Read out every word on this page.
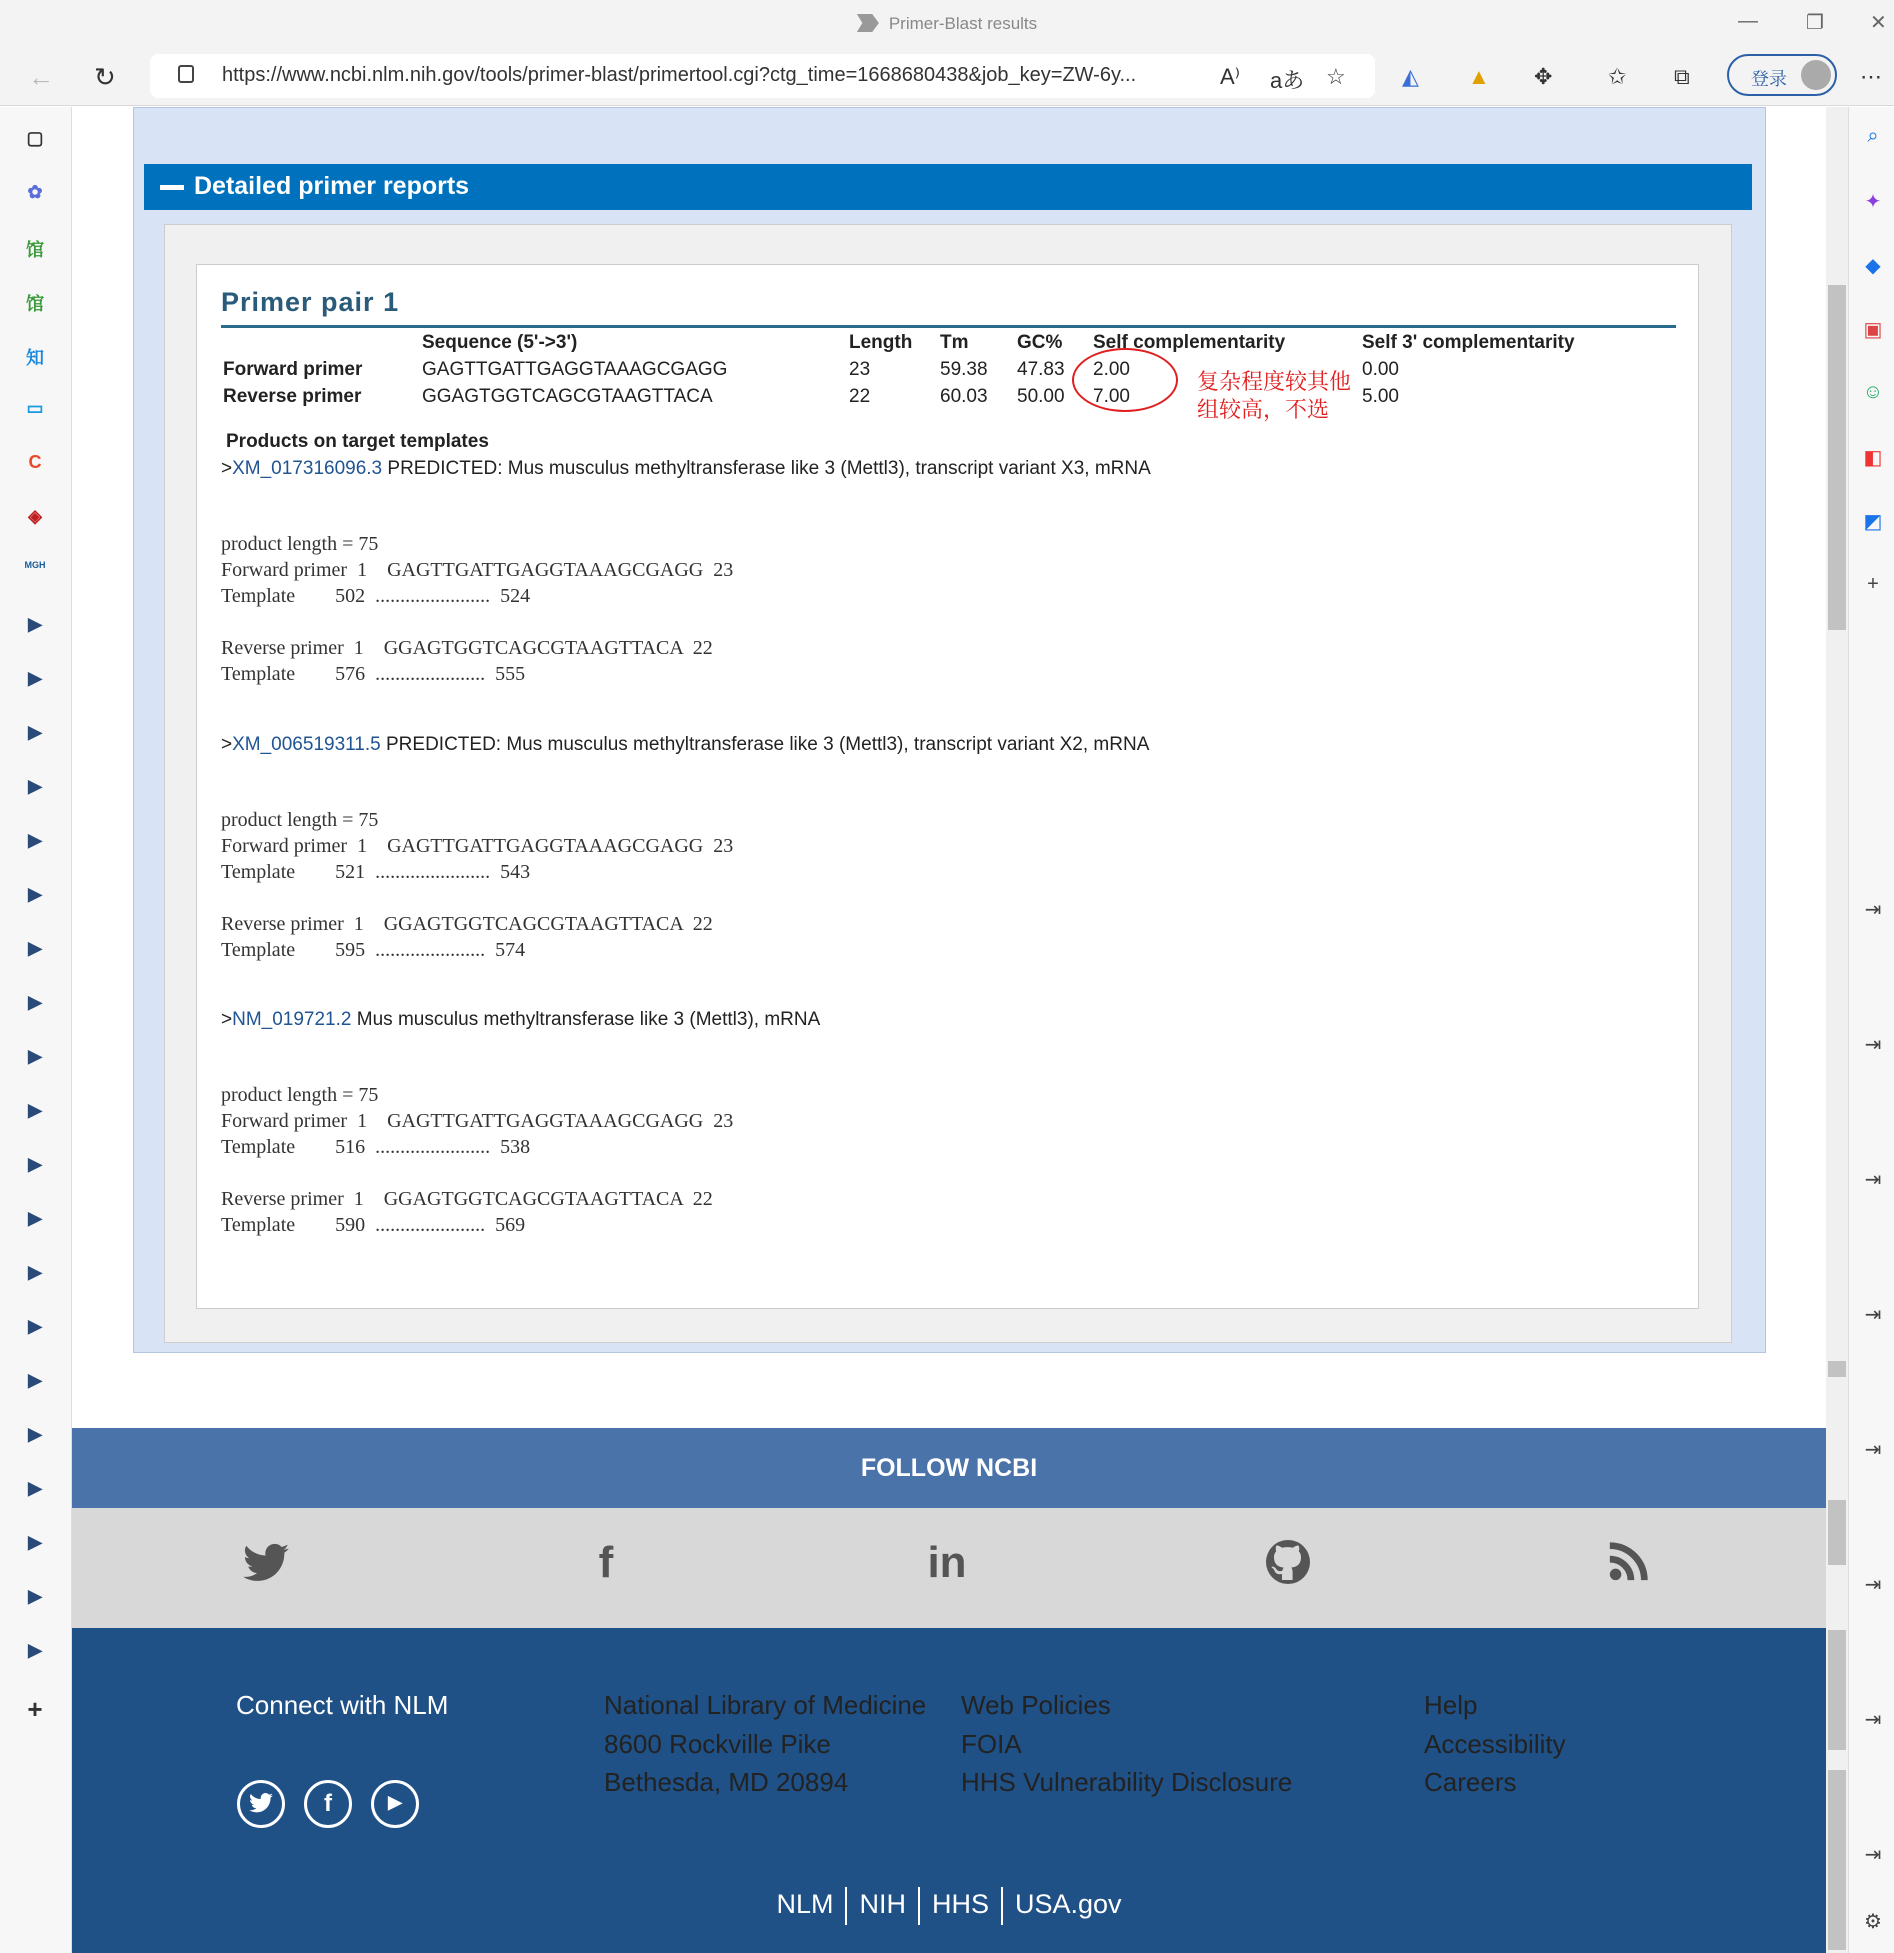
Primer-Blast results	— ❐ ✕
← ↻	https://www.ncbi.nlm.nih.gov/tools/primer-blast/primertool.cgi?ctg_time=1668680438&job_key=ZW-6y...	A⁾ aあ ☆	◭ ▲ ✥	✩ ⧉	登录	⋯
▢
✿
馆
馆
知
▭
C
◈
MGH
▶
▶
▶
▶
▶
▶
▶
▶
▶
▶
▶
▶
▶
▶
▶
▶
▶
▶
▶
▶
+
Detailed primer reports
Primer pair 1
Sequence (5'->3')	Length Tm	GC% Self complementarity	Self 3' complementarity
Forward primer	GAGTTGATTGAGGTAAAGCGAGG	23	59.38 47.83 2.00	0.00
Reverse primer	GGAGTGGTCAGCGTAAGTTACA	22	60.03 50.00 7.00	5.00
复杂程度较其他组较高，不选
Products on target templates
>XM_017316096.3 PREDICTED: Mus musculus methyltransferase like 3 (Mettl3), transcript variant X3, mRNA
product length = 75
Forward primer  1    GAGTTGATTGAGGTAAAGCGAGG  23
Template        502  .......................  524

Reverse primer  1    GGAGTGGTCAGCGTAAGTTACA  22
Template        576  ......................  555
>XM_006519311.5 PREDICTED: Mus musculus methyltransferase like 3 (Mettl3), transcript variant X2, mRNA
product length = 75
Forward primer  1    GAGTTGATTGAGGTAAAGCGAGG  23
Template        521  .......................  543

Reverse primer  1    GGAGTGGTCAGCGTAAGTTACA  22
Template        595  ......................  574
>NM_019721.2 Mus musculus methyltransferase like 3 (Mettl3), mRNA
product length = 75
Forward primer  1    GAGTTGATTGAGGTAAAGCGAGG  23
Template        516  .......................  538

Reverse primer  1    GGAGTGGTCAGCGTAAGTTACA  22
Template        590  ......................  569
FOLLOW NCBI
f	in
Connect with NLM
f	▶
National Library of Medicine
8600 Rockville Pike
Bethesda, MD 20894
Web Policies
FOIA
HHS Vulnerability Disclosure
Help
Accessibility
Careers
NLM NIH HHS USA.gov
⌕
✦
◆
▣
☺
◧
◩
+
⇥
⇥
⇥
⇥
⇥
⇥
⇥
⇥
⚙
